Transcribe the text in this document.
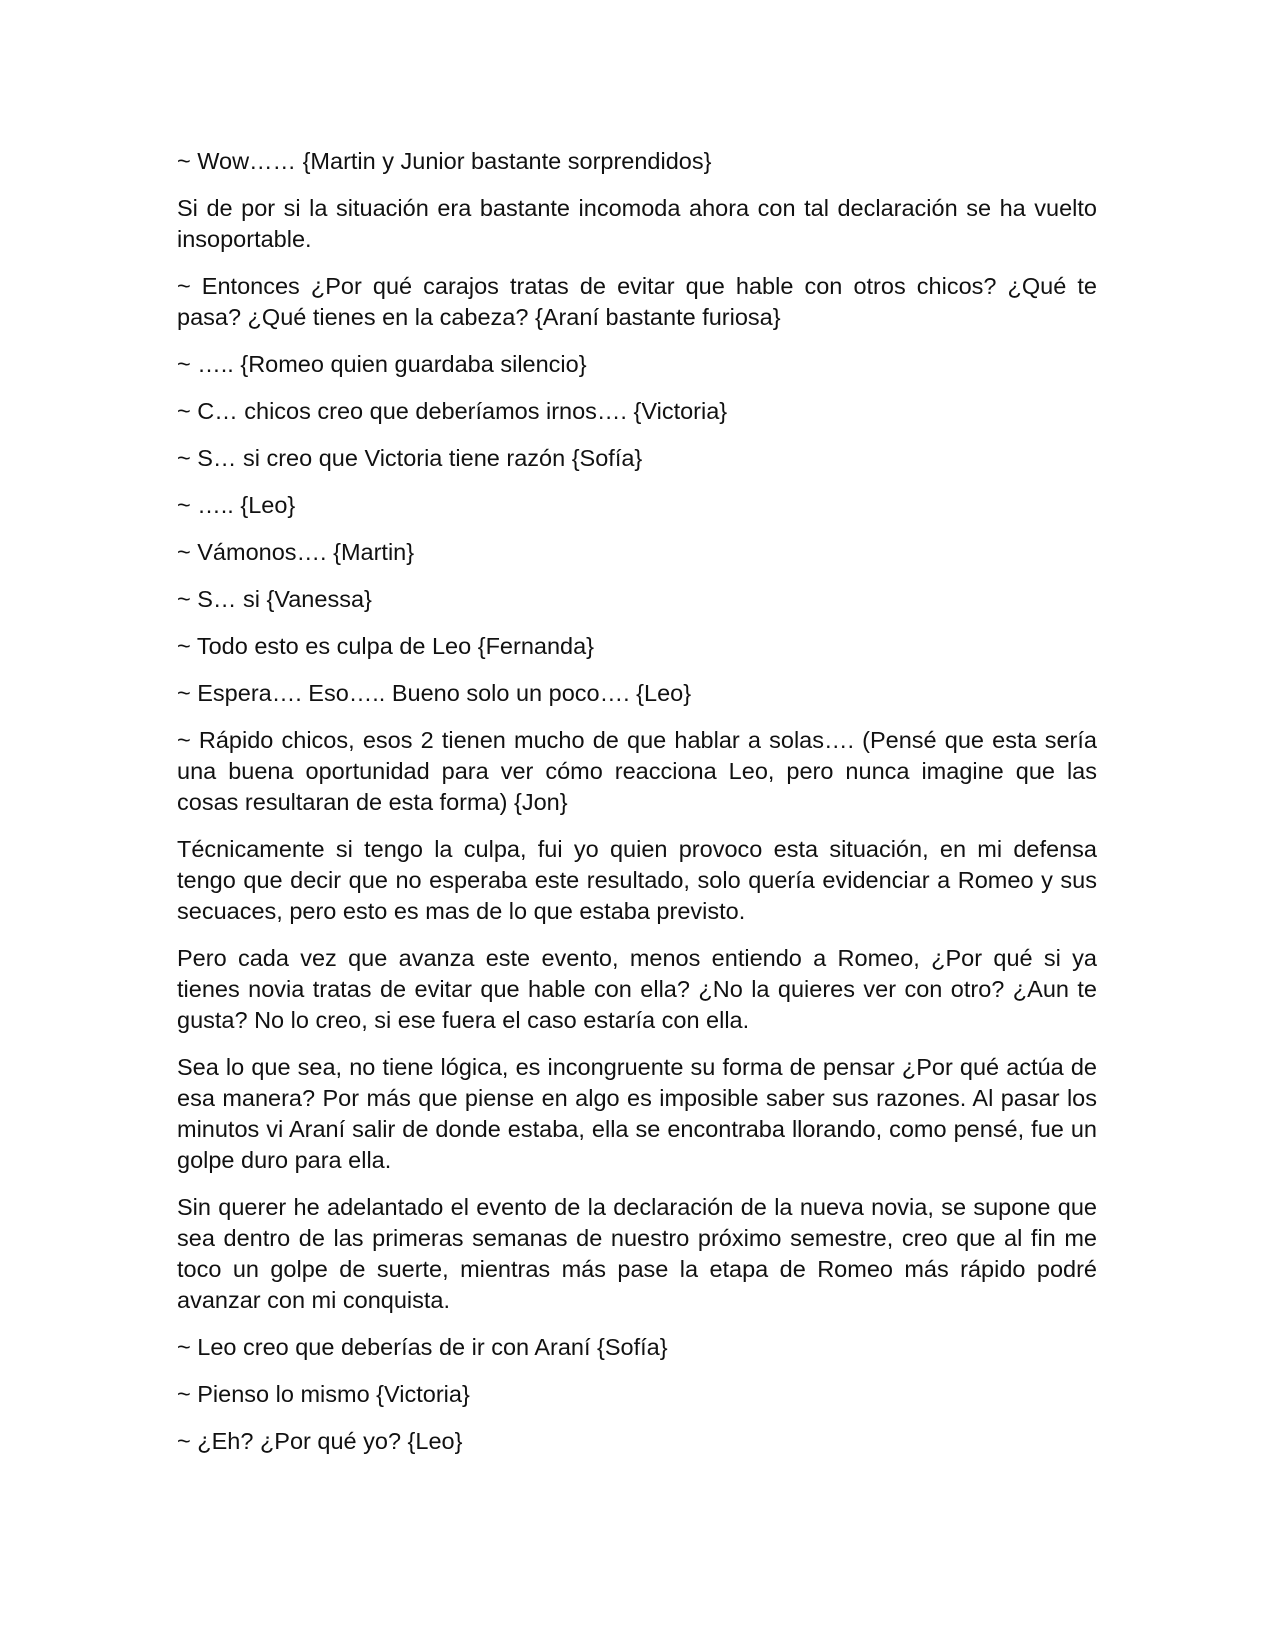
~ Wow…… {Martin y Junior bastante sorprendidos}

Si de por si la situación era bastante incomoda ahora con tal declaración se ha vuelto insoportable.

~ Entonces ¿Por qué carajos tratas de evitar que hable con otros chicos? ¿Qué te pasa? ¿Qué tienes en la cabeza? {Araní bastante furiosa}

~ ….. {Romeo quien guardaba silencio}

~ C… chicos creo que deberíamos irnos…. {Victoria}

~ S… si creo que Victoria tiene razón {Sofía}

~ ….. {Leo}

~ Vámonos…. {Martin}

~ S… si {Vanessa}

~ Todo esto es culpa de Leo {Fernanda}

~ Espera…. Eso….. Bueno solo un poco…. {Leo}

~ Rápido chicos, esos 2 tienen mucho de que hablar a solas…. (Pensé que esta sería una buena oportunidad para ver cómo reacciona Leo, pero nunca imagine que las cosas resultaran de esta forma) {Jon}

Técnicamente si tengo la culpa, fui yo quien provoco esta situación, en mi defensa tengo que decir que no esperaba este resultado, solo quería evidenciar a Romeo y sus secuaces, pero esto es mas de lo que estaba previsto.

Pero cada vez que avanza este evento, menos entiendo a Romeo, ¿Por qué si ya tienes novia tratas de evitar que hable con ella? ¿No la quieres ver con otro? ¿Aun te gusta? No lo creo, si ese fuera el caso estaría con ella.

Sea lo que sea, no tiene lógica, es incongruente su forma de pensar ¿Por qué actúa de esa manera? Por más que piense en algo es imposible saber sus razones. Al pasar los minutos vi Araní salir de donde estaba, ella se encontraba llorando, como pensé, fue un golpe duro para ella.

Sin querer he adelantado el evento de la declaración de la nueva novia, se supone que sea dentro de las primeras semanas de nuestro próximo semestre, creo que al fin me toco un golpe de suerte, mientras más pase la etapa de Romeo más rápido podré avanzar con mi conquista.

~ Leo creo que deberías de ir con Araní {Sofía}

~ Pienso lo mismo {Victoria}

~ ¿Eh? ¿Por qué yo? {Leo}
